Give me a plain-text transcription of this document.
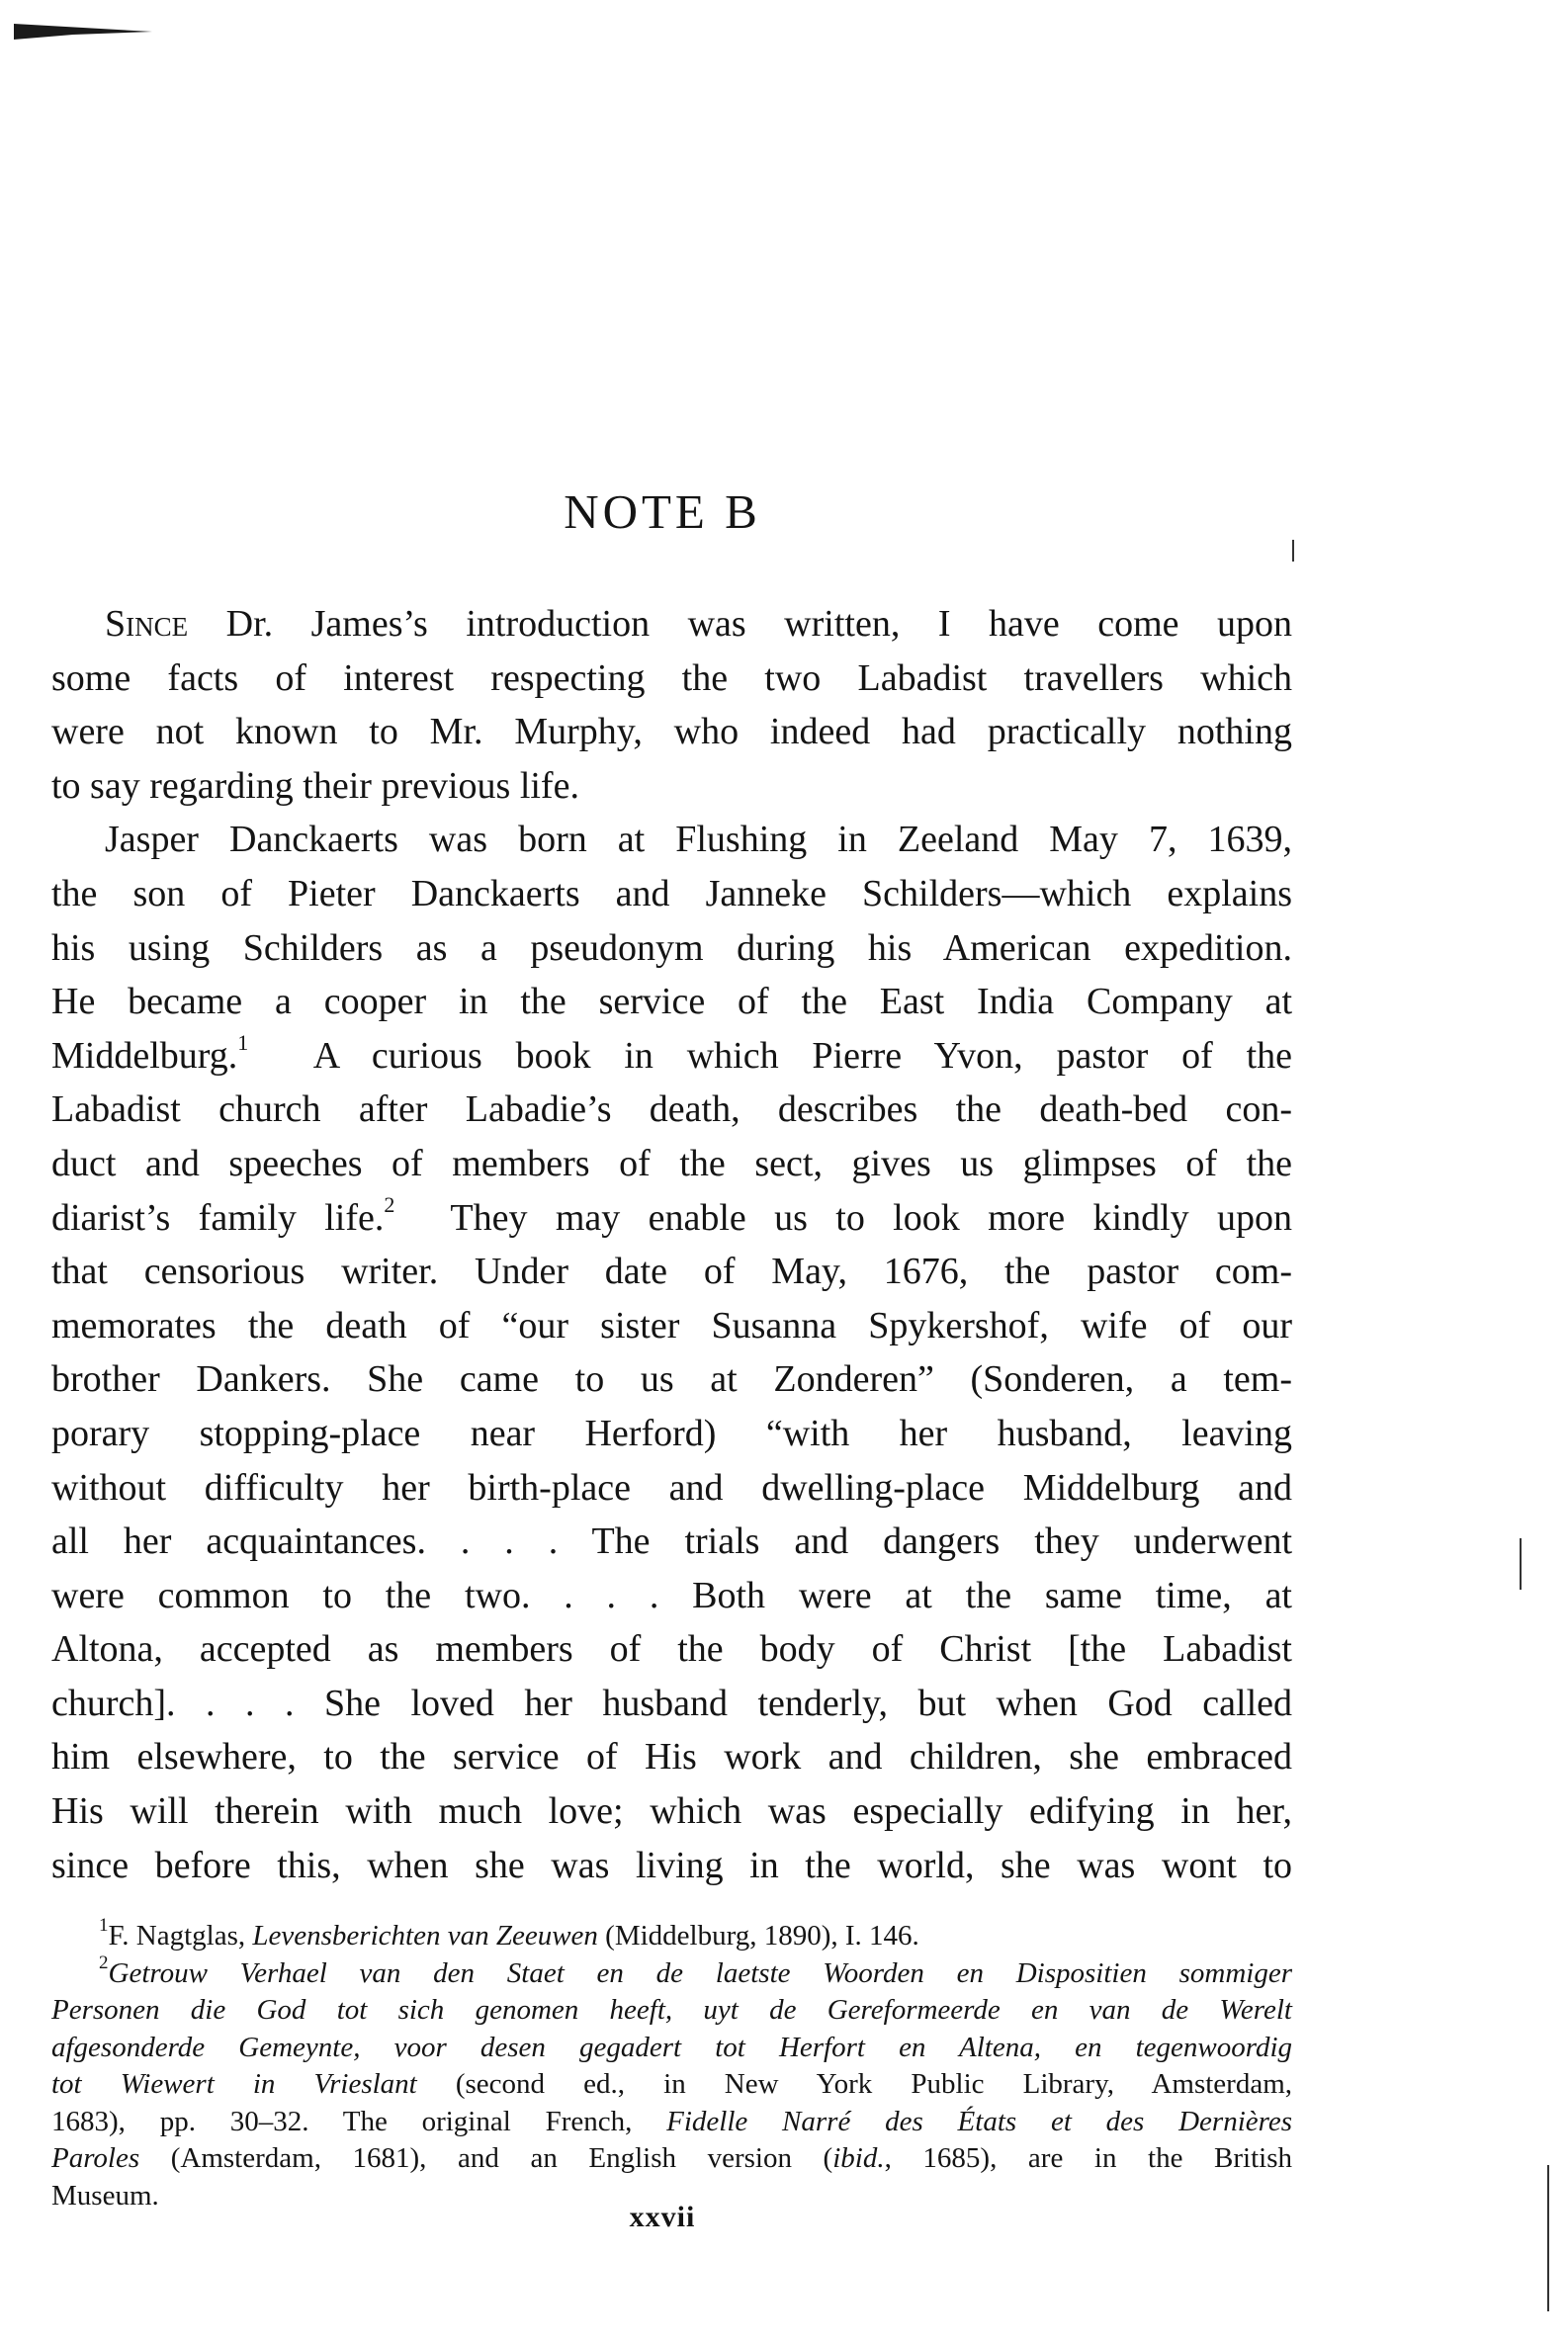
NOTE B
Since Dr. James’s introduction was written, I have come upon
some facts of interest respecting the two Labadist travellers which
were not known to Mr. Murphy, who indeed had practically nothing
to say regarding their previous life.
Jasper Danckaerts was born at Flushing in Zeeland May 7, 1639,
the son of Pieter Danckaerts and Janneke Schilders—which explains
his using Schilders as a pseudonym during his American expedition.
He became a cooper in the service of the East India Company at
Middelburg.$^1$ A curious book in which Pierre Yvon, pastor of the
Labadist church after Labadie’s death, describes the death-bed con-
duct and speeches of members of the sect, gives us glimpses of the
diarist’s family life.$^2$ They may enable us to look more kindly upon
that censorious writer. Under date of May, 1676, the pastor com-
memorates the death of “our sister Susanna Spykershof, wife of our
brother Dankers. She came to us at Zonderen” (Sonderen, a tem-
porary stopping-place near Herford) “with her husband, leaving
without difficulty her birth-place and dwelling-place Middelburg and
all her acquaintances. . . . The trials and dangers they underwent
were common to the two. . . . Both were at the same time, at
Altona, accepted as members of the body of Christ [the Labadist
church]. . . . She loved her husband tenderly, but when God called
him elsewhere, to the service of His work and children, she embraced
His will therein with much love; which was especially edifying in her,
since before this, when she was living in the world, she was wont to
$^1$F. Nagtglas, Levensberichten van Zeeuwen (Middelburg, 1890), I. 146.
$^2$Getrouw Verhael van den Staet en de laetste Woorden en Dispositien sommiger
Personen die God tot sich genomen heeft, uyt de Gereformeerde en van de Werelt
afgesonderde Gemeynte, voor desen gegadert tot Herfort en Altena, en tegenwoordig
tot Wiewert in Vrieslant (second ed., in New York Public Library, Amsterdam,
1683), pp. 30–32. The original French, Fidelle Narré des États et des Dernières
Paroles (Amsterdam, 1681), and an English version (ibid., 1685), are in the British
Museum.
xxvii
